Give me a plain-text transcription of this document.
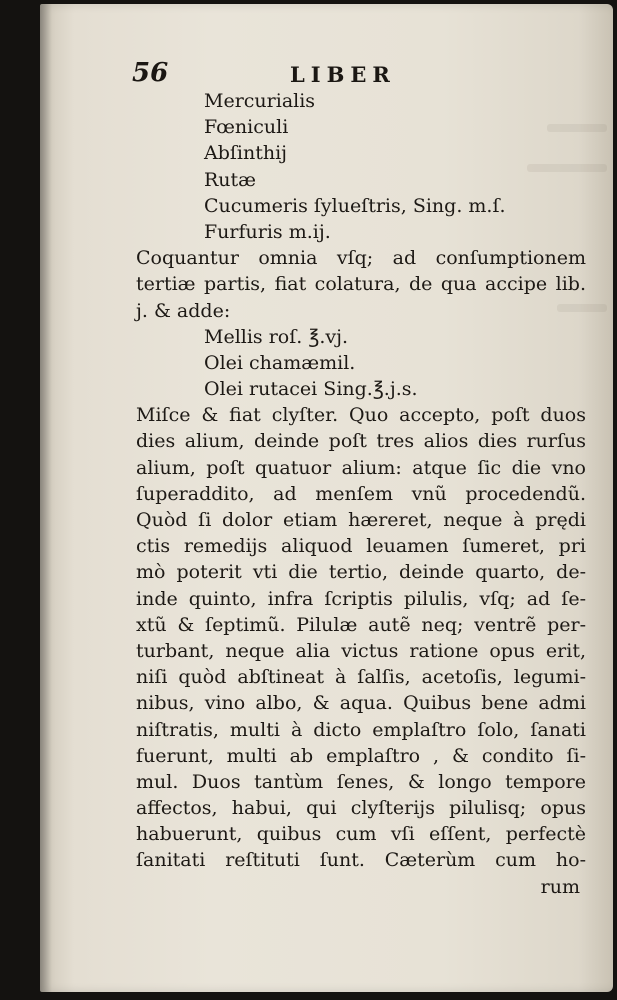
56	LIBER
Mercurialis
Fœniculi
Abſinthij
Rutæ
Cucumeris ſylueſtris, Sing. m.ſ.
Furfuris m.ij.
Coquantur omnia vſq; ad conſumptionem
tertiæ partis, fiat colatura, de qua accipe lib.
j. & adde:
Mellis roſ. ℥.vj.
Olei chamæmil.
Olei rutacei Sing.℥.j.s.
Miſce & fiat clyſter. Quo accepto, poſt duos
dies alium, deinde poſt tres alios dies rurſus
alium, poſt quatuor alium: atque ſic die vno
ſuperaddito, ad menſem vnũ procedendũ.
Quòd ſi dolor etiam hæreret, neque à prędi
ctis remedijs aliquod leuamen ſumeret, pri
mò poterit vti die tertio, deinde quarto, de-
inde quinto, infra ſcriptis pilulis, vſq; ad ſe-
xtũ & ſeptimũ. Pilulæ autẽ neq; ventrẽ per-
turbant, neque alia victus ratione opus erit,
niſi quòd abſtineat à ſalſis, acetoſis, legumi-
nibus, vino albo, & aqua. Quibus bene admi
niſtratis, multi à dicto emplaſtro ſolo, ſanati
fuerunt, multi ab emplaſtro , & condito ſi-
mul. Duos tantùm ſenes, & longo tempore
affectos, habui, qui clyſterijs pilulisq; opus
habuerunt, quibus cum vſi eſſent, perfectè
ſanitati reſtituti ſunt. Cæterùm cum ho-
rum
